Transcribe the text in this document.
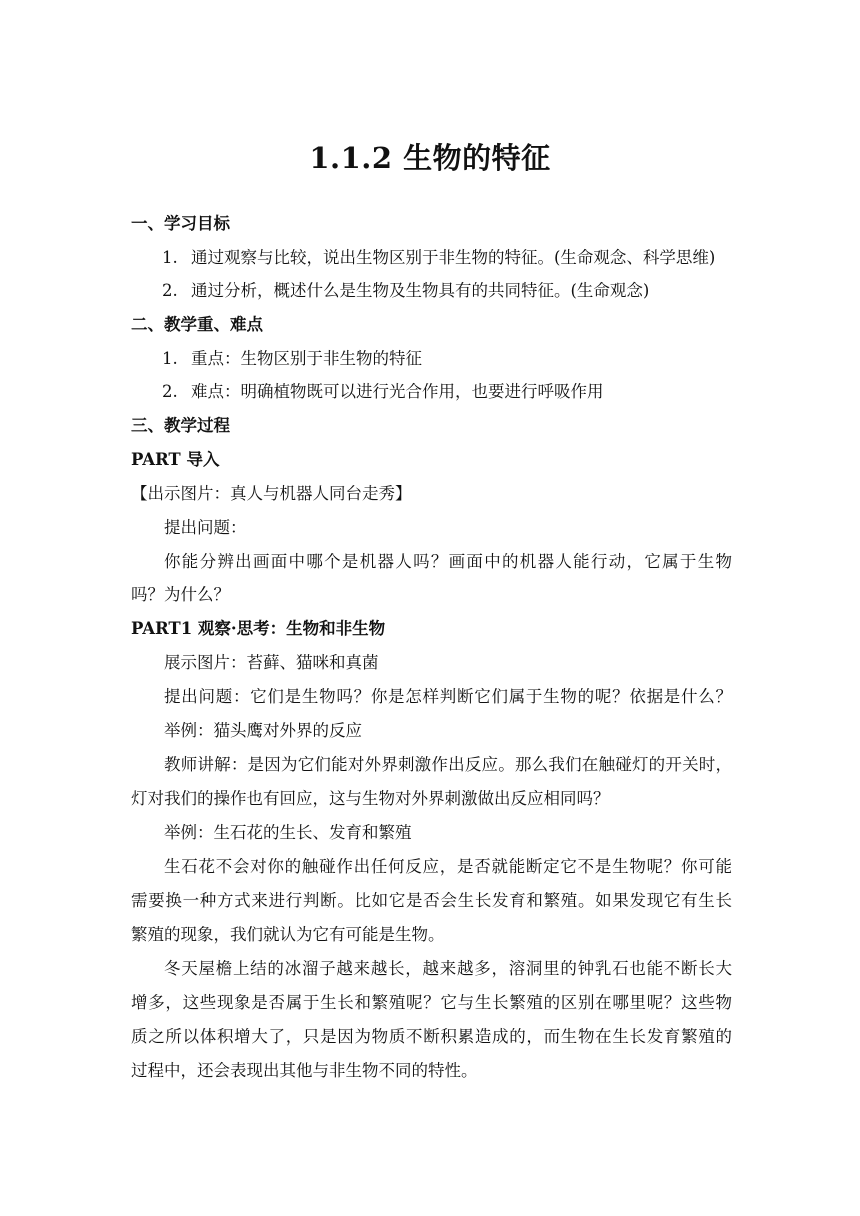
1.1.2 生物的特征
一、学习目标
1. 通过观察与比较，说出生物区别于非生物的特征。(生命观念、科学思维)
2. 通过分析，概述什么是生物及生物具有的共同特征。(生命观念)
二、教学重、难点
1. 重点：生物区别于非生物的特征
2. 难点：明确植物既可以进行光合作用，也要进行呼吸作用
三、教学过程
PART 导入
【出示图片：真人与机器人同台走秀】
提出问题：
你能分辨出画面中哪个是机器人吗？画面中的机器人能行动，它属于生物
吗？为什么？
PART1 观察·思考：生物和非生物
展示图片：苔藓、猫咪和真菌
提出问题：它们是生物吗？你是怎样判断它们属于生物的呢？依据是什么？
举例：猫头鹰对外界的反应
教师讲解：是因为它们能对外界刺激作出反应。那么我们在触碰灯的开关时，
灯对我们的操作也有回应，这与生物对外界刺激做出反应相同吗？
举例：生石花的生长、发育和繁殖
生石花不会对你的触碰作出任何反应，是否就能断定它不是生物呢？你可能
需要换一种方式来进行判断。比如它是否会生长发育和繁殖。如果发现它有生长
繁殖的现象，我们就认为它有可能是生物。
冬天屋檐上结的冰溜子越来越长，越来越多，溶洞里的钟乳石也能不断长大
增多，这些现象是否属于生长和繁殖呢？它与生长繁殖的区别在哪里呢？这些物
质之所以体积增大了，只是因为物质不断积累造成的，而生物在生长发育繁殖的
过程中，还会表现出其他与非生物不同的特性。
